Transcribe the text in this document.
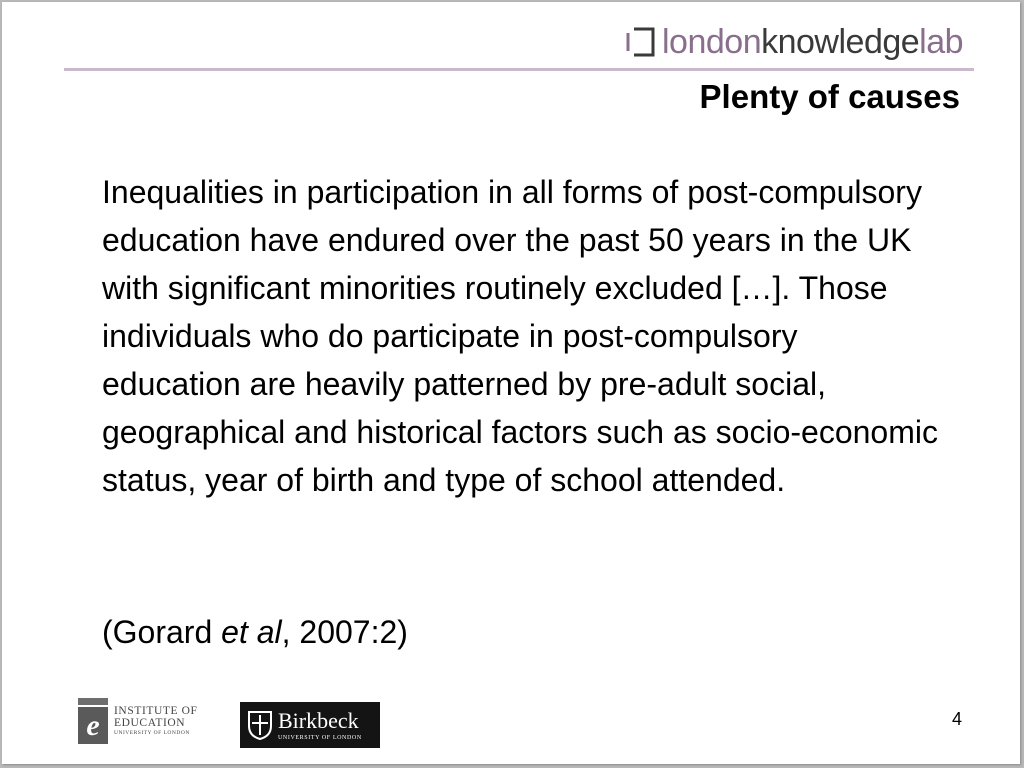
londonknowledgelab
Plenty of causes

Inequalities in participation in all forms of post-compulsory education have endured over the past 50 years in the UK with significant minorities routinely excluded […]. Those individuals who do participate in post-compulsory education are heavily patterned by pre-adult social, geographical and historical factors such as socio-economic status, year of birth and type of school attended.

(Gorard et al, 2007:2)

e INSTITUTE OF
EDUCATION
UNIVERSITY OF LONDON
Birkbeck
UNIVERSITY OF LONDON
4
